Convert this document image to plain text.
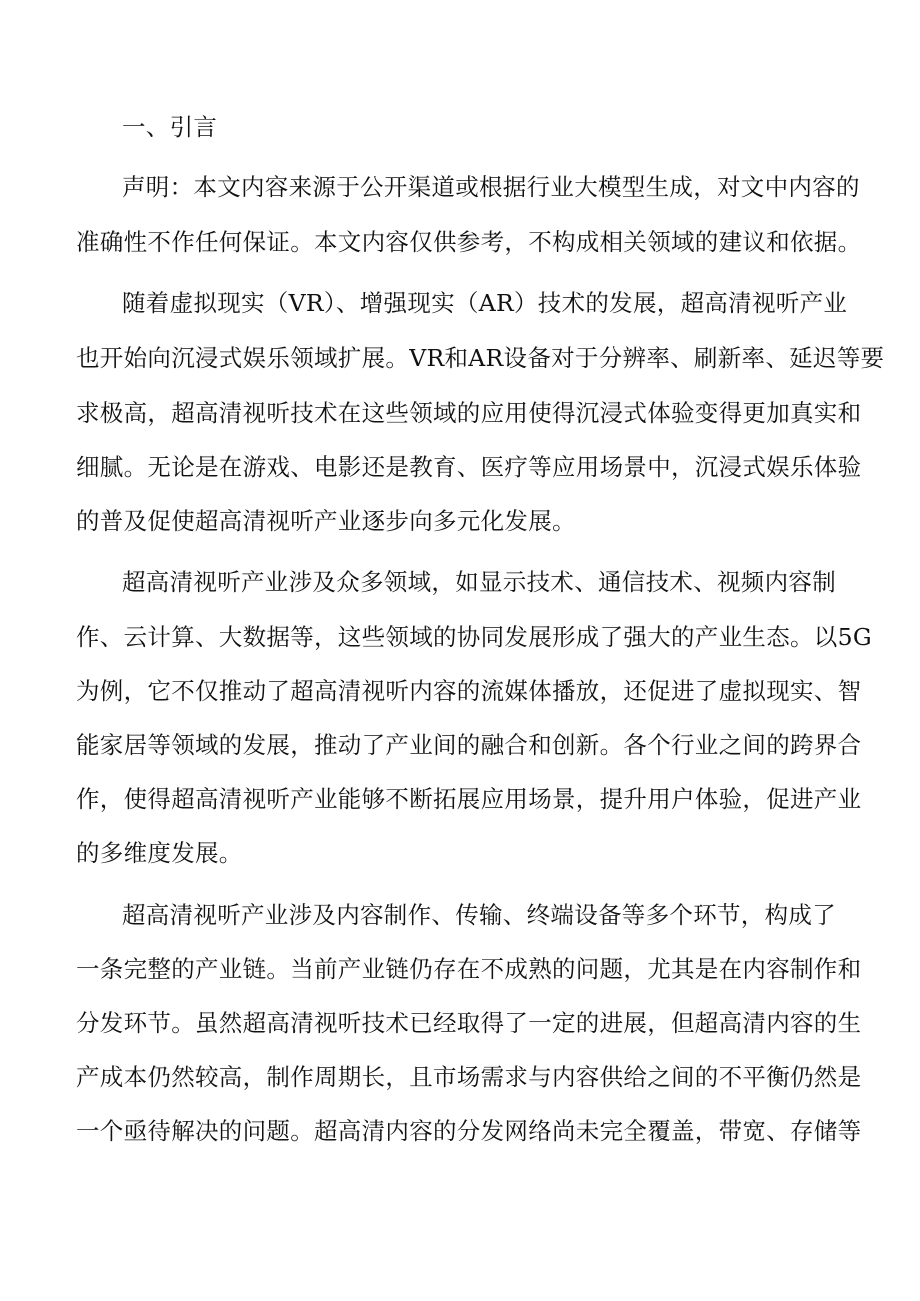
一、引言
声明：本文内容来源于公开渠道或根据行业大模型生成，对文中内容的
准确性不作任何保证。本文内容仅供参考，不构成相关领域的建议和依据。
随着虚拟现实（VR）、增强现实（AR）技术的发展，超高清视听产业
也开始向沉浸式娱乐领域扩展。VR和AR设备对于分辨率、刷新率、延迟等要
求极高，超高清视听技术在这些领域的应用使得沉浸式体验变得更加真实和
细腻。无论是在游戏、电影还是教育、医疗等应用场景中，沉浸式娱乐体验
的普及促使超高清视听产业逐步向多元化发展。
超高清视听产业涉及众多领域，如显示技术、通信技术、视频内容制
作、云计算、大数据等，这些领域的协同发展形成了强大的产业生态。以5G
为例，它不仅推动了超高清视听内容的流媒体播放，还促进了虚拟现实、智
能家居等领域的发展，推动了产业间的融合和创新。各个行业之间的跨界合
作，使得超高清视听产业能够不断拓展应用场景，提升用户体验，促进产业
的多维度发展。
超高清视听产业涉及内容制作、传输、终端设备等多个环节，构成了
一条完整的产业链。当前产业链仍存在不成熟的问题，尤其是在内容制作和
分发环节。虽然超高清视听技术已经取得了一定的进展，但超高清内容的生
产成本仍然较高，制作周期长，且市场需求与内容供给之间的不平衡仍然是
一个亟待解决的问题。超高清内容的分发网络尚未完全覆盖，带宽、存储等
